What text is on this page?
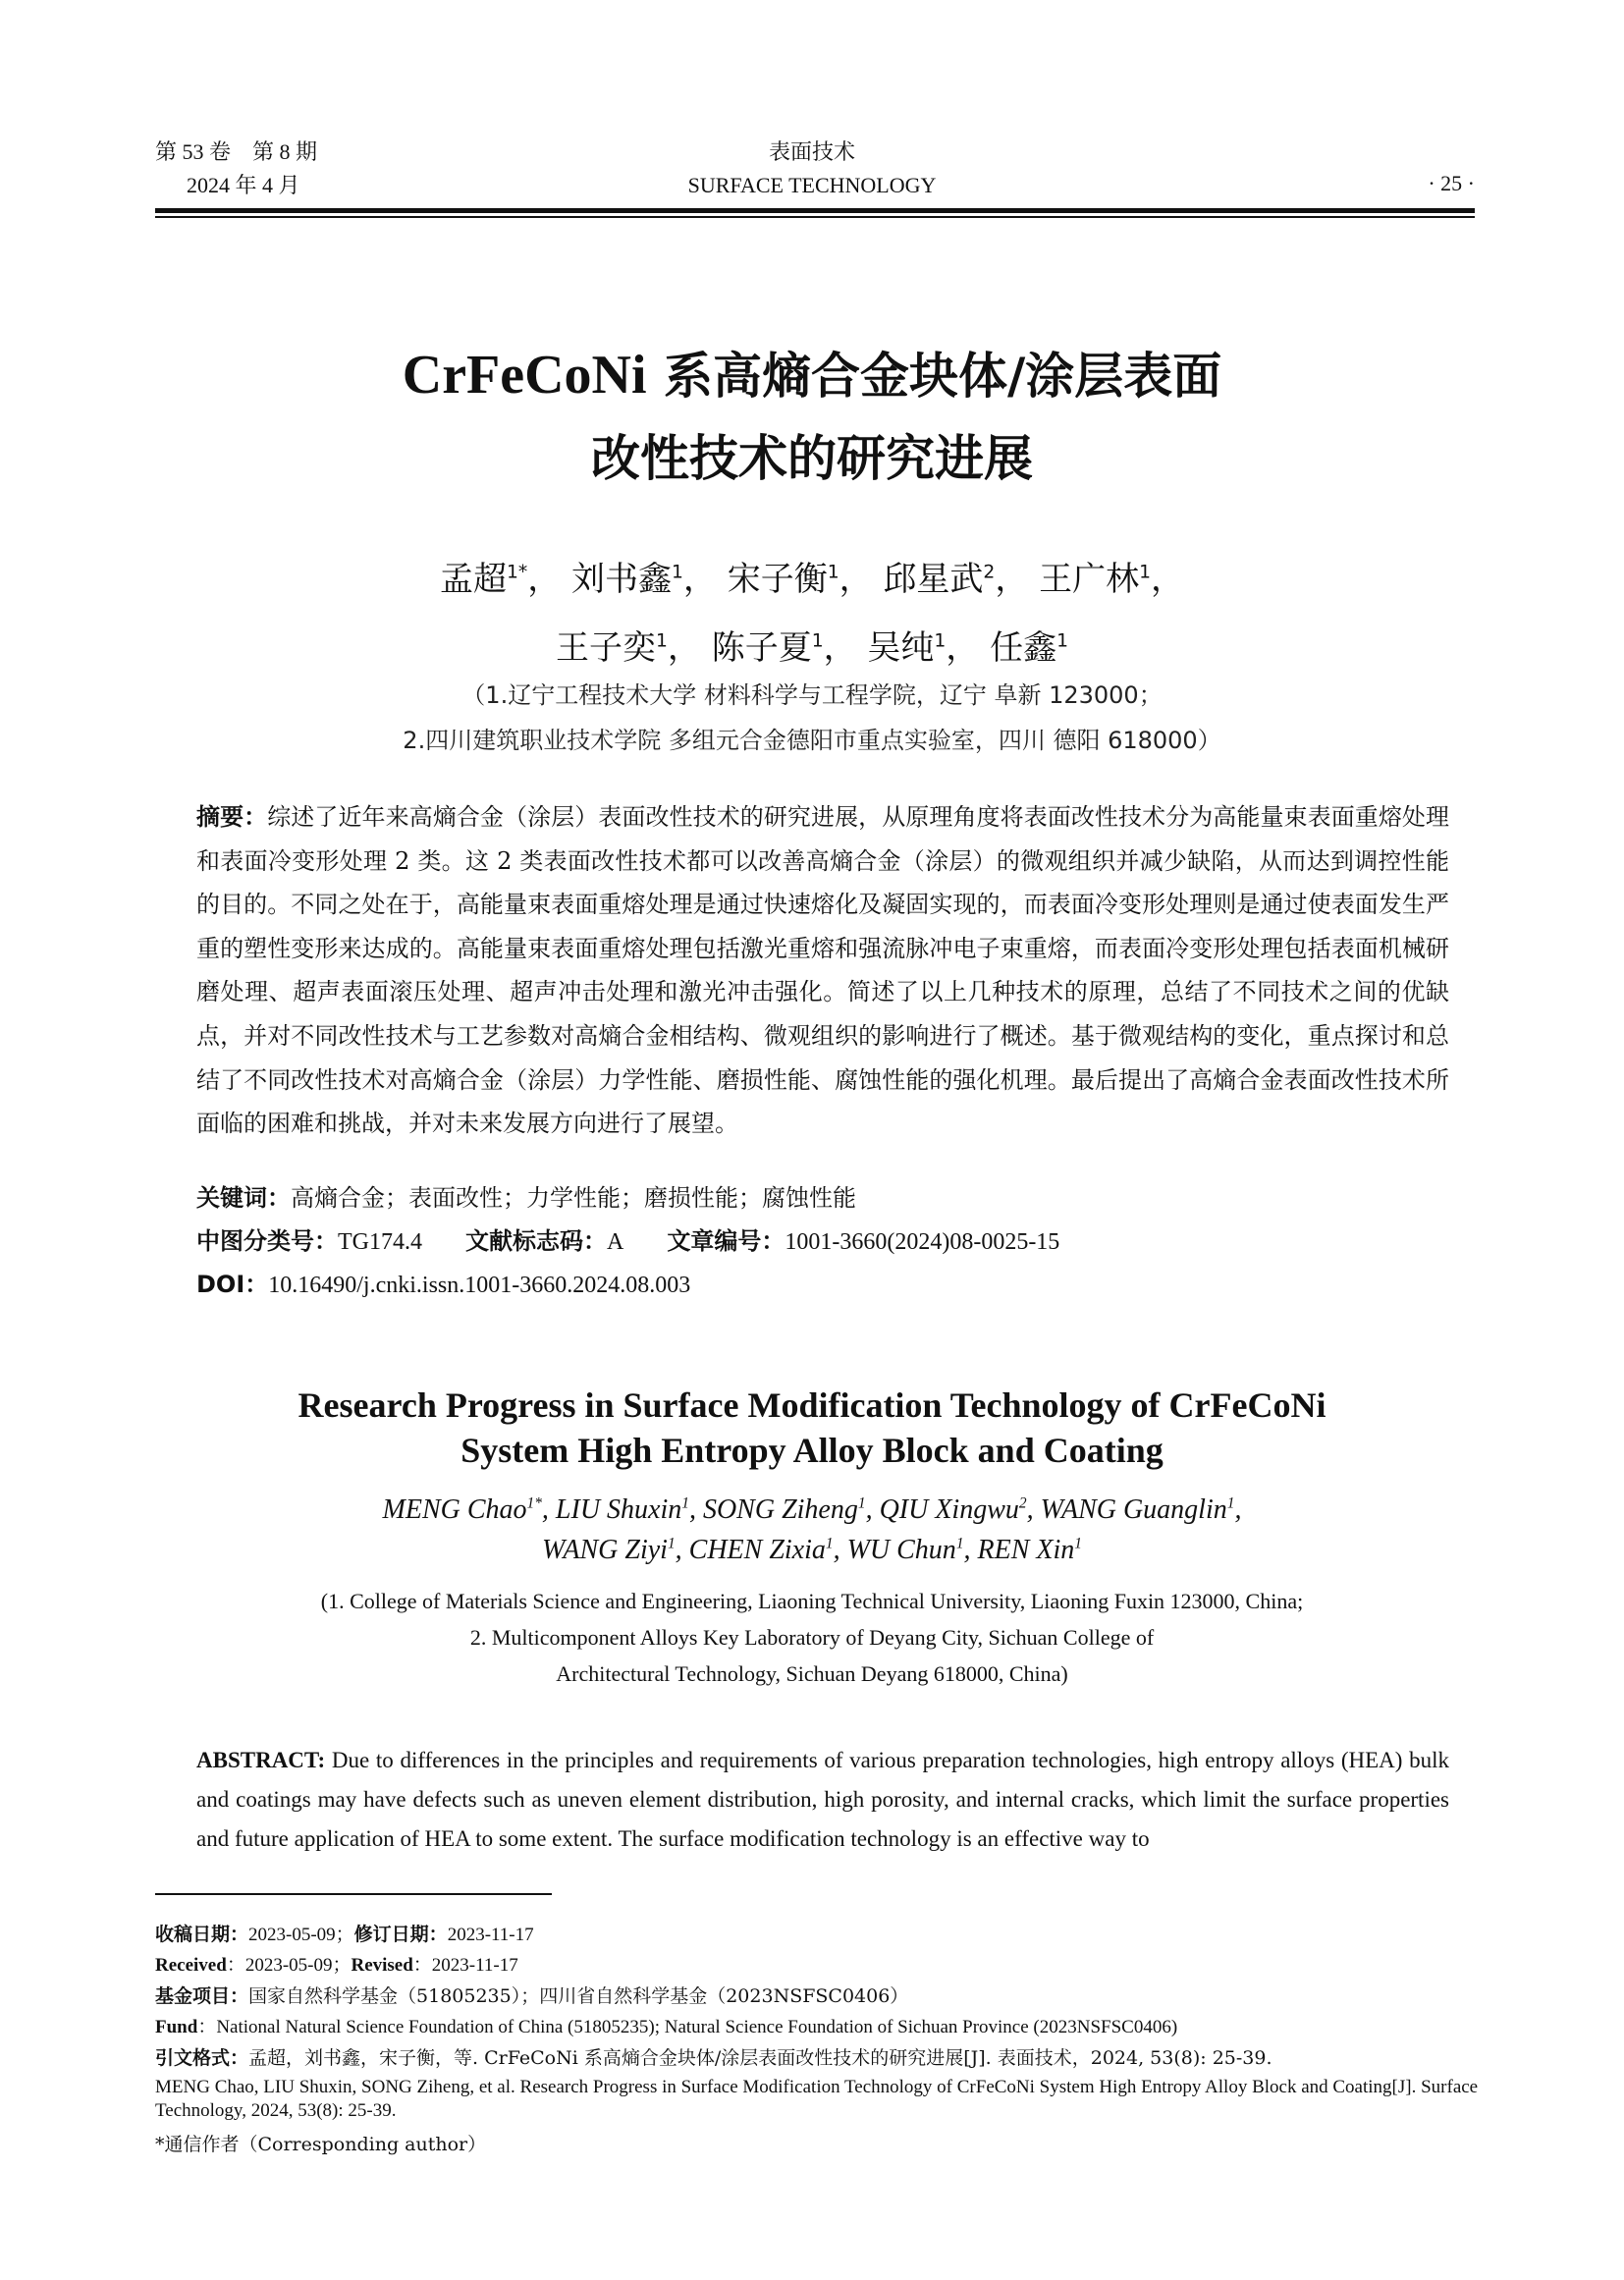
第 53 卷　第 8 期
2024 年 4 月
表面技术
SURFACE TECHNOLOGY	· 25 ·
CrFeCoNi 系高熵合金块体/涂层表面
改性技术的研究进展
孟超$^{1*}$， 刘书鑫$^1$， 宋子衡$^1$， 邱星武$^2$， 王广林$^1$，
王子奕$^1$， 陈子夏$^1$， 吴纯$^1$， 任鑫$^1$
（1.辽宁工程技术大学 材料科学与工程学院，辽宁 阜新 123000；
2.四川建筑职业技术学院 多组元合金德阳市重点实验室，四川 德阳 618000）
摘要：综述了近年来高熵合金（涂层）表面改性技术的研究进展，从原理角度将表面改性技术分为高能量束表面重熔处理和表面冷变形处理 2 类。这 2 类表面改性技术都可以改善高熵合金（涂层）的微观组织并减少缺陷，从而达到调控性能的目的。不同之处在于，高能量束表面重熔处理是通过快速熔化及凝固实现的，而表面冷变形处理则是通过使表面发生严重的塑性变形来达成的。高能量束表面重熔处理包括激光重熔和强流脉冲电子束重熔，而表面冷变形处理包括表面机械研磨处理、超声表面滚压处理、超声冲击处理和激光冲击强化。简述了以上几种技术的原理，总结了不同技术之间的优缺点，并对不同改性技术与工艺参数对高熵合金相结构、微观组织的影响进行了概述。基于微观结构的变化，重点探讨和总结了不同改性技术对高熵合金（涂层）力学性能、磨损性能、腐蚀性能的强化机理。最后提出了高熵合金表面改性技术所面临的困难和挑战，并对未来发展方向进行了展望。
关键词：高熵合金；表面改性；力学性能；磨损性能；腐蚀性能
中图分类号：TG174.4 文献标志码：A 文章编号：1001-3660(2024)08-0025-15
DOI：10.16490/j.cnki.issn.1001-3660.2024.08.003
Research Progress in Surface Modification Technology of CrFeCoNi
System High Entropy Alloy Block and Coating
MENG Chao$^{1*}$, LIU Shuxin$^1$, SONG Ziheng$^1$, QIU Xingwu$^2$, WANG Guanglin$^1$,
WANG Ziyi$^1$, CHEN Zixia$^1$, WU Chun$^1$, REN Xin$^1$
(1. College of Materials Science and Engineering, Liaoning Technical University, Liaoning Fuxin 123000, China;
2. Multicomponent Alloys Key Laboratory of Deyang City, Sichuan College of
Architectural Technology, Sichuan Deyang 618000, China)
ABSTRACT: Due to differences in the principles and requirements of various preparation technologies, high entropy alloys (HEA) bulk and coatings may have defects such as uneven element distribution, high porosity, and internal cracks, which limit the surface properties and future application of HEA to some extent. The surface modification technology is an effective way to
收稿日期：2023-05-09；修订日期：2023-11-17
Received：2023-05-09；Revised：2023-11-17
基金项目：国家自然科学基金（51805235）；四川省自然科学基金（2023NSFSC0406）
Fund：National Natural Science Foundation of China (51805235); Natural Science Foundation of Sichuan Province (2023NSFSC0406)
引文格式：孟超，刘书鑫，宋子衡，等. CrFeCoNi 系高熵合金块体/涂层表面改性技术的研究进展[J]. 表面技术，2024, 53(8): 25-39.
MENG Chao, LIU Shuxin, SONG Ziheng, et al. Research Progress in Surface Modification Technology of CrFeCoNi System High Entropy Alloy Block and Coating[J]. Surface Technology, 2024, 53(8): 25-39.
*通信作者（Corresponding author）
